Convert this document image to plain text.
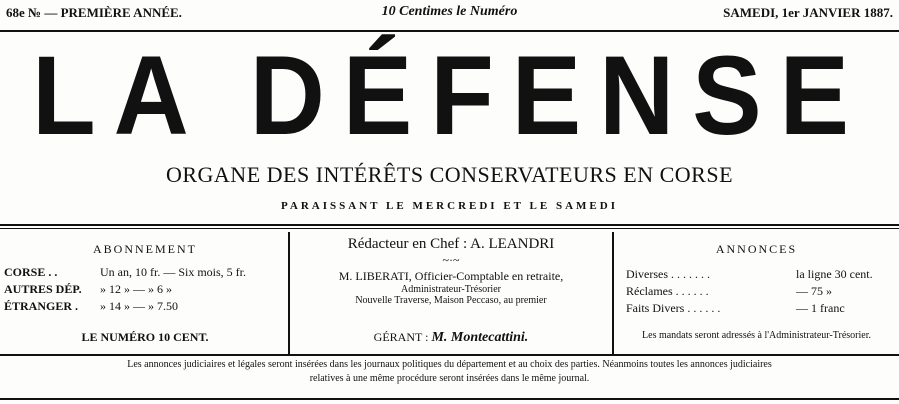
68e № — PREMIÈRE ANNÉE.	10 Centimes le Numéro	SAMEDI, 1er JANVIER 1887.
LA DÉFENSE
ORGANE DES INTÉRÊTS CONSERVATEURS EN CORSE
PARAISSANT LE MERCREDI ET LE SAMEDI
ABONNEMENT
CORSE . .	Un an, 10 fr. — Six mois, 5 fr.
AUTRES DÉP.	» 12 » — » 6 »
ÉTRANGER .	» 14 » — » 7.50
LE NUMÉRO 10 CENT.
Rédacteur en Chef : A. LEANDRI
~·~
M. LIBERATI, Officier-Comptable en retraite,
Administrateur-Trésorier
Nouvelle Traverse, Maison Peccaso, au premier
GÉRANT : M. Montecattini.
ANNONCES
Diverses . . . . . . .	la ligne 30 cent.
Réclames . . . . . .	— 75 »
Faits Divers . . . . . .	— 1 franc
Les mandats seront adressés à l'Administrateur-Trésorier.
Les annonces judiciaires et légales seront insérées dans les journaux politiques du département et au choix des parties. Néanmoins toutes les annonces judiciaires
relatives à une même procédure seront insérées dans le même journal.
